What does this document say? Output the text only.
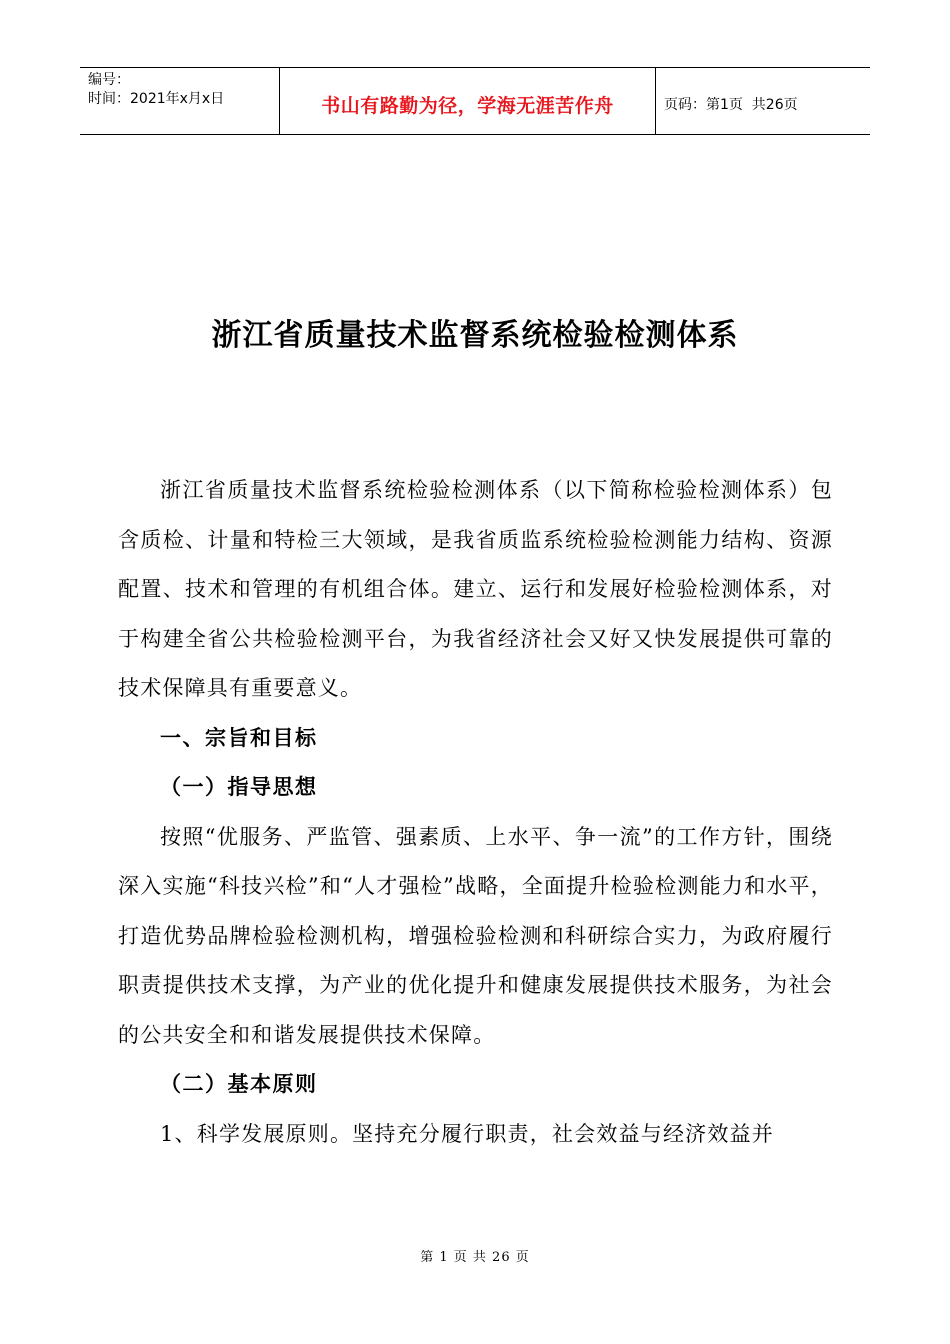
编号：
时间：2021年x月x日	书山有路勤为径，学海无涯苦作舟	页码：第1页  共26页
浙江省质量技术监督系统检验检测体系

浙江省质量技术监督系统检验检测体系（以下简称检验检测体系）包含质检、计量和特检三大领域，是我省质监系统检验检测能力结构、资源配置、技术和管理的有机组合体。建立、运行和发展好检验检测体系，对于构建全省公共检验检测平台，为我省经济社会又好又快发展提供可靠的技术保障具有重要意义。

一、宗旨和目标
（一）指导思想

按照“优服务、严监管、强素质、上水平、争一流”的工作方针，围绕深入实施“科技兴检”和“人才强检”战略，全面提升检验检测能力和水平，打造优势品牌检验检测机构，增强检验检测和科研综合实力，为政府履行职责提供技术支撑，为产业的优化提升和健康发展提供技术服务，为社会的公共安全和和谐发展提供技术保障。

（二）基本原则

1、科学发展原则。坚持充分履行职责，社会效益与经济效益并

第 1 页 共 26 页
